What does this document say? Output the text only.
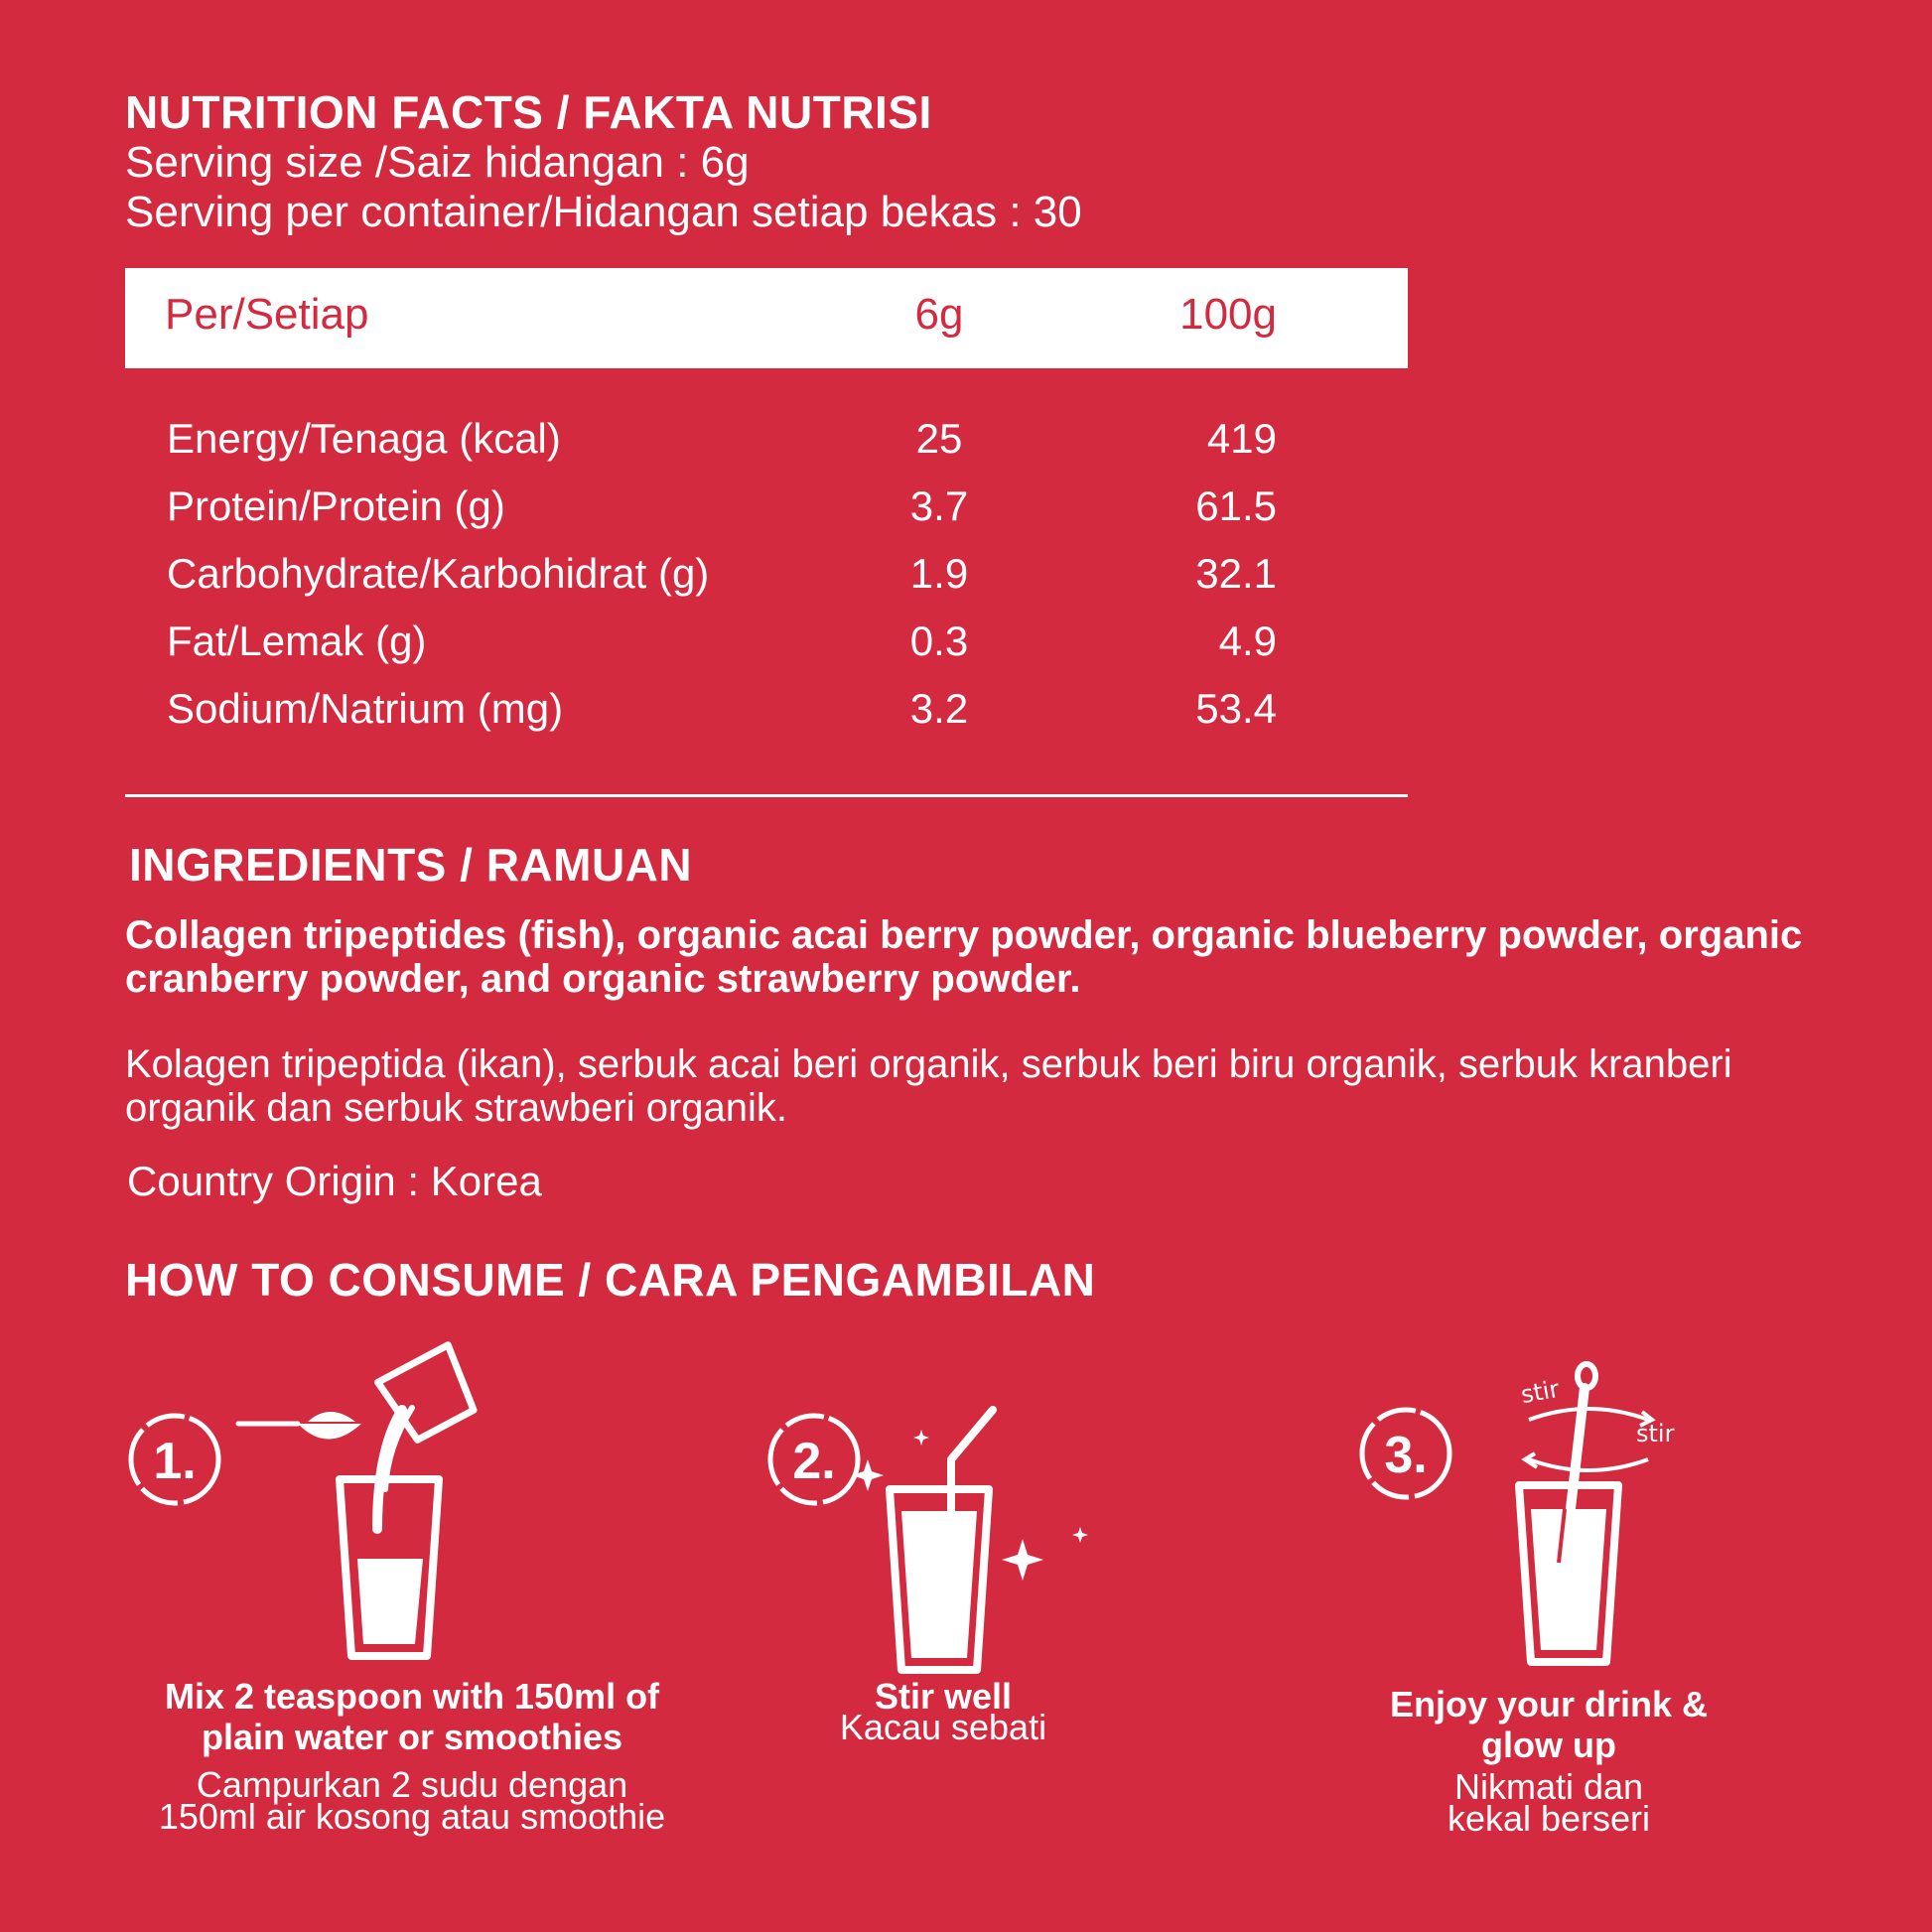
NUTRITION FACTS / FAKTA NUTRISI
Serving size /Saiz hidangan : 6g
Serving per container/Hidangan setiap bekas : 30
Per/Setiap	6g	100g
Energy/Tenaga (kcal)	25	419
Protein/Protein (g)	3.7	61.5
Carbohydrate/Karbohidrat (g)	1.9	32.1
Fat/Lemak (g)	0.3	4.9
Sodium/Natrium (mg)	3.2	53.4
INGREDIENTS / RAMUAN
Collagen tripeptides (fish), organic acai berry powder, organic blueberry powder, organic cranberry powder, and organic strawberry powder.
Kolagen tripeptida (ikan), serbuk acai beri organik, serbuk beri biru organik, serbuk kranberi organik dan serbuk strawberi organik.
Country Origin : Korea
HOW TO CONSUME / CARA PENGAMBILAN
1.
Mix 2 teaspoon with 150ml of plain water or smoothies
Campurkan 2 sudu dengan 150ml air kosong atau smoothie
2.
Stir well
Kacau sebati
3.
stir
stir
Enjoy your drink & glow up
Nikmati dan kekal berseri
